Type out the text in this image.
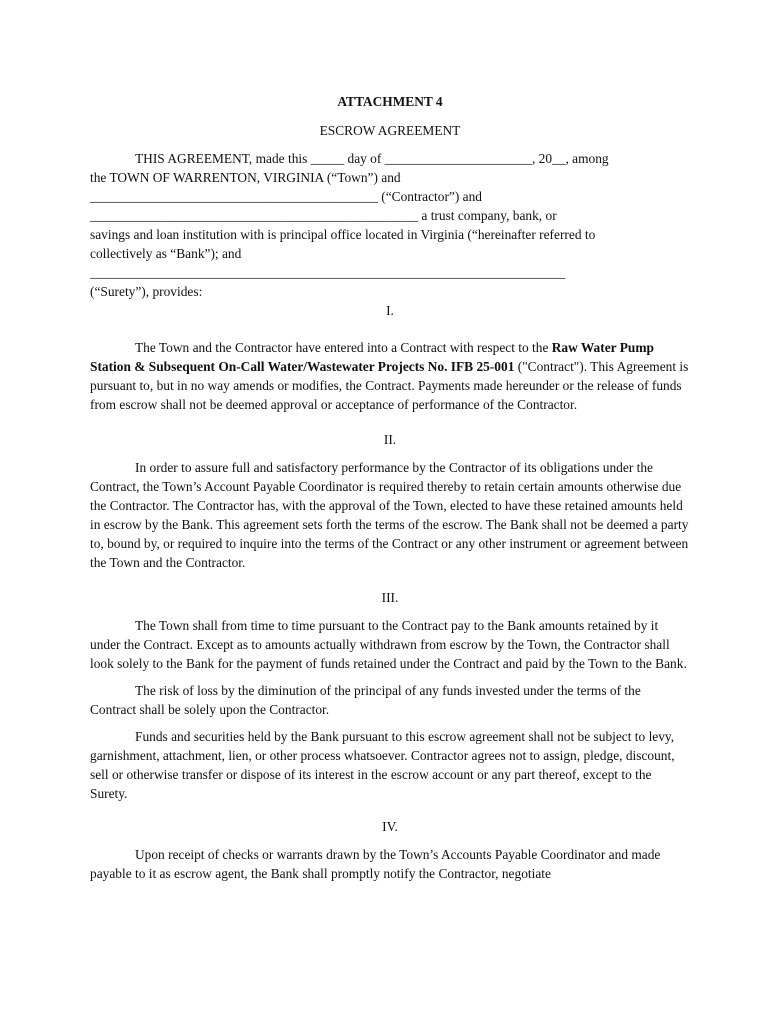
ATTACHMENT 4
ESCROW AGREEMENT
THIS AGREEMENT, made this _____ day of ______________________, 20__, among
the TOWN OF WARRENTON, VIRGINIA (“Town”) and
___________________________________________ (“Contractor”) and
_________________________________________________ a trust company, bank, or
savings and loan institution with is principal office located in Virginia (“hereinafter referred to
collectively as “Bank”); and
_______________________________________________________________________
(“Surety”), provides:
I.

The Town and the Contractor have entered into a Contract with respect to the Raw Water Pump Station & Subsequent On-Call Water/Wastewater Projects No. IFB 25-001 ("Contract"). This Agreement is pursuant to, but in no way amends or modifies, the Contract. Payments made hereunder or the release of funds from escrow shall not be deemed approval or acceptance of performance of the Contractor.

II.

In order to assure full and satisfactory performance by the Contractor of its obligations under the Contract, the Town’s Account Payable Coordinator is required thereby to retain certain amounts otherwise due the Contractor. The Contractor has, with the approval of the Town, elected to have these retained amounts held in escrow by the Bank. This agreement sets forth the terms of the escrow. The Bank shall not be deemed a party to, bound by, or required to inquire into the terms of the Contract or any other instrument or agreement between the Town and the Contractor.

III.

The Town shall from time to time pursuant to the Contract pay to the Bank amounts retained by it under the Contract. Except as to amounts actually withdrawn from escrow by the Town, the Contractor shall look solely to the Bank for the payment of funds retained under the Contract and paid by the Town to the Bank.

The risk of loss by the diminution of the principal of any funds invested under the terms of the Contract shall be solely upon the Contractor.

Funds and securities held by the Bank pursuant to this escrow agreement shall not be subject to levy, garnishment, attachment, lien, or other process whatsoever. Contractor agrees not to assign, pledge, discount, sell or otherwise transfer or dispose of its interest in the escrow account or any part thereof, except to the Surety.

IV.

Upon receipt of checks or warrants drawn by the Town’s Accounts Payable Coordinator and made payable to it as escrow agent, the Bank shall promptly notify the Contractor, negotiate
